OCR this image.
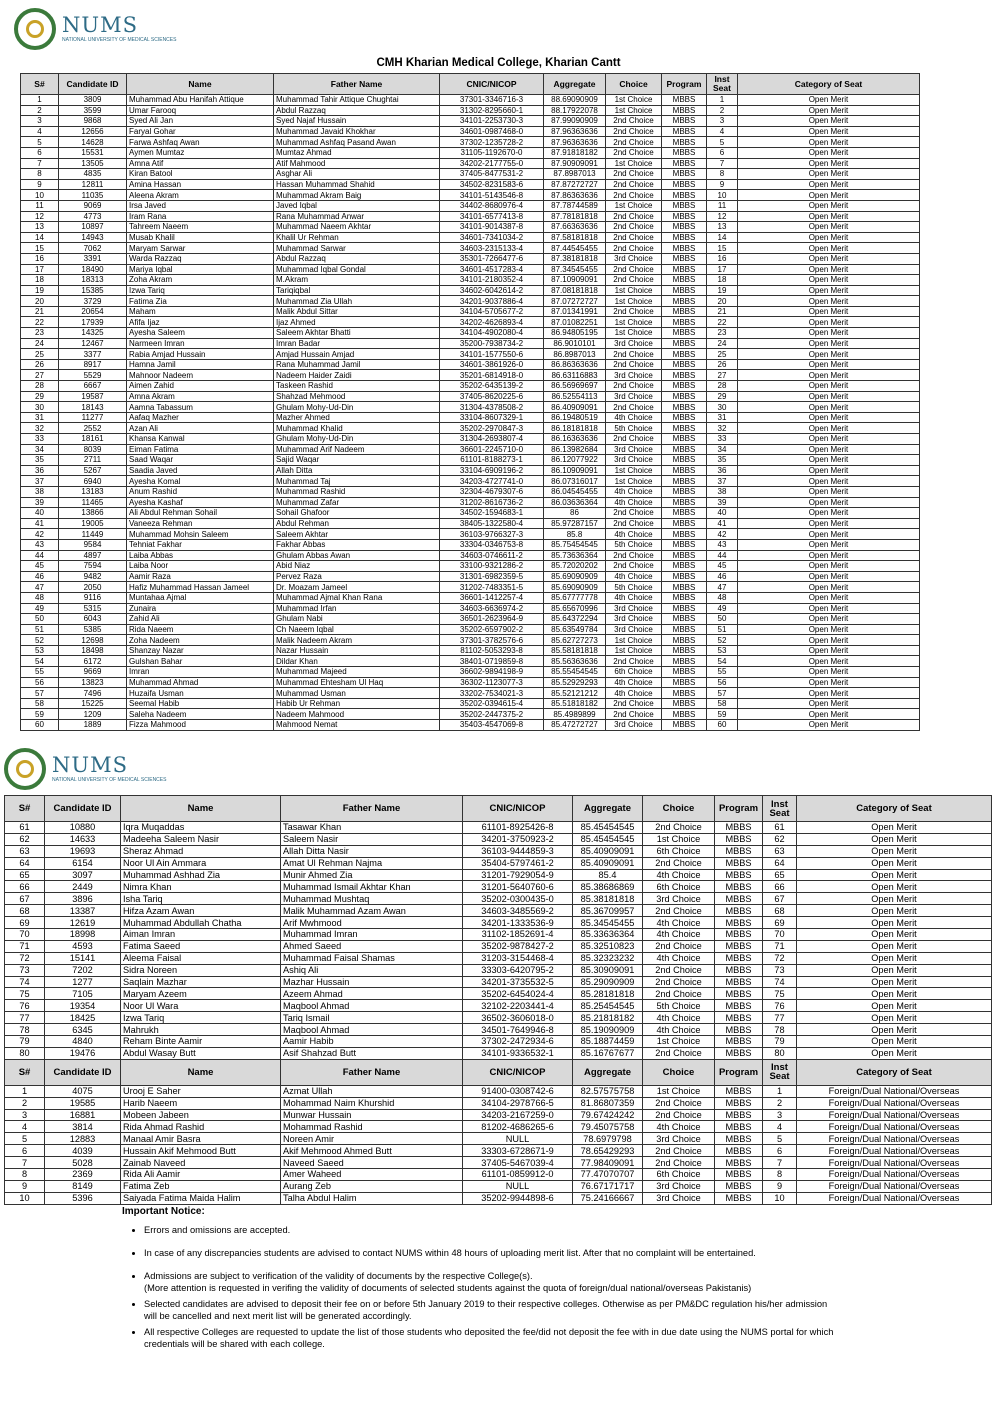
NUMS
NATIONAL UNIVERSITY OF MEDICAL SCIENCES
CMH Kharian Medical College, Kharian Cantt
S#	Candidate ID	Name	Father Name	CNIC/NICOP	Aggregate	Choice	Program	Inst Seat	Category of Seat
1	3809	Muhammad Abu Hanifah Attique	Muhammad Tahir Attique Chughtai	37301-3346716-3	88.69090909	1st Choice	MBBS	1	Open Merit
2	3599	Umar Farooq	Abdul Razzaq	31302-8295660-1	88.17922078	1st Choice	MBBS	2	Open Merit
3	9868	Syed Ali Jan	Syed Najaf Hussain	34101-2253730-3	87.99090909	2nd Choice	MBBS	3	Open Merit
4	12656	Faryal Gohar	Muhammad Javaid Khokhar	34601-0987468-0	87.96363636	2nd Choice	MBBS	4	Open Merit
5	14628	Farwa Ashfaq Awan	Muhammad Ashfaq Pasand Awan	37302-1235728-2	87.96363636	2nd Choice	MBBS	5	Open Merit
6	15531	Aymen Mumtaz	Mumtaz Ahmad	31105-1192670-0	87.91818182	2nd Choice	MBBS	6	Open Merit
7	13505	Amna Atif	Atif Mahmood	34202-2177755-0	87.90909091	1st Choice	MBBS	7	Open Merit
8	4835	Kiran Batool	Asghar Ali	37405-8477531-2	87.8987013	2nd Choice	MBBS	8	Open Merit
9	12811	Amina Hassan	Hassan Muhammad Shahid	34502-8231583-6	87.87272727	2nd Choice	MBBS	9	Open Merit
10	11035	Aleena Akram	Muhammad Akram Baig	34101-5143546-8	87.86363636	2nd Choice	MBBS	10	Open Merit
11	9069	Irsa Javed	Javed Iqbal	34402-8680976-4	87.78744589	1st Choice	MBBS	11	Open Merit
12	4773	Iram Rana	Rana Muhammad Anwar	34101-6577413-8	87.78181818	2nd Choice	MBBS	12	Open Merit
13	10897	Tahreem Naeem	Muhammad Naeem Akhtar	34101-9014387-8	87.66363636	2nd Choice	MBBS	13	Open Merit
14	14943	Musab Khalil	Khalil Ur Rehman	34601-7341034-2	87.58181818	2nd Choice	MBBS	14	Open Merit
15	7062	Maryam Sarwar	Muhammad Sarwar	34603-2315133-4	87.44545455	2nd Choice	MBBS	15	Open Merit
16	3391	Warda Razzaq	Abdul Razzaq	35301-7266477-6	87.38181818	3rd Choice	MBBS	16	Open Merit
17	18490	Mariya Iqbal	Muhammad Iqbal Gondal	34601-4517283-4	87.34545455	2nd Choice	MBBS	17	Open Merit
18	18313	Zoha Akram	M.Akram	34101-2180352-4	87.10909091	2nd Choice	MBBS	18	Open Merit
19	15385	Izwa Tariq	Tariqiqbal	34602-6042614-2	87.08181818	1st Choice	MBBS	19	Open Merit
20	3729	Fatima Zia	Muhammad Zia Ullah	34201-9037886-4	87.07272727	1st Choice	MBBS	20	Open Merit
21	20654	Maham	Malik Abdul Sittar	34104-5705677-2	87.01341991	2nd Choice	MBBS	21	Open Merit
22	17939	Afifa Ijaz	Ijaz Ahmed	34202-4626893-4	87.01082251	1st Choice	MBBS	22	Open Merit
23	14325	Ayesha Saleem	Saleem Akhtar Bhatti	34104-4902080-4	86.94805195	1st Choice	MBBS	23	Open Merit
24	12467	Narmeen Imran	Imran Badar	35200-7938734-2	86.9010101	3rd Choice	MBBS	24	Open Merit
25	3377	Rabia Amjad Hussain	Amjad Hussain Amjad	34101-1577550-6	86.8987013	2nd Choice	MBBS	25	Open Merit
26	8917	Hamna Jamil	Rana Muhammad Jamil	34601-3861926-0	86.86363636	2nd Choice	MBBS	26	Open Merit
27	5529	Mahnoor Nadeem	Nadeem Haider Zaidi	35201-6814918-0	86.63116883	3rd Choice	MBBS	27	Open Merit
28	6667	Aimen Zahid	Taskeen Rashid	35202-6435139-2	86.56969697	2nd Choice	MBBS	28	Open Merit
29	19587	Amna Akram	Shahzad Mehmood	37405-8620225-6	86.52554113	3rd Choice	MBBS	29	Open Merit
30	18143	Aamna Tabassum	Ghulam Mohy-Ud-Din	31304-4378508-2	86.40909091	2nd Choice	MBBS	30	Open Merit
31	11277	Aafaq Mazher	Mazher Ahmed	33104-8607329-1	86.19480519	4th Choice	MBBS	31	Open Merit
32	2552	Azan Ali	Muhammad Khalid	35202-2970847-3	86.18181818	5th Choice	MBBS	32	Open Merit
33	18161	Khansa Kanwal	Ghulam Mohy-Ud-Din	31304-2693807-4	86.16363636	2nd Choice	MBBS	33	Open Merit
34	8039	Eiman Fatima	Muhammad Arif Nadeem	36601-2245710-0	86.13982684	3rd Choice	MBBS	34	Open Merit
35	2711	Saad Waqar	Sajid Waqar	61101-8188273-1	86.12077922	3rd Choice	MBBS	35	Open Merit
36	5267	Saadia Javed	Allah Ditta	33104-6909196-2	86.10909091	1st Choice	MBBS	36	Open Merit
37	6940	Ayesha Komal	Muhammad Taj	34203-4727741-0	86.07316017	1st Choice	MBBS	37	Open Merit
38	13183	Anum Rashid	Muhammad Rashid	32304-4679307-6	86.04545455	4th Choice	MBBS	38	Open Merit
39	11465	Ayesha Kashaf	Muhammad Zafar	31202-8616736-2	86.03636364	4th Choice	MBBS	39	Open Merit
40	13866	Ali Abdul Rehman Sohail	Sohail Ghafoor	34502-1594683-1	86	2nd Choice	MBBS	40	Open Merit
41	19005	Vaneeza Rehman	Abdul Rehman	38405-1322580-4	85.97287157	2nd Choice	MBBS	41	Open Merit
42	11449	Muhammad Mohsin Saleem	Saleem Akhtar	36103-9766327-3	85.8	4th Choice	MBBS	42	Open Merit
43	9584	Tehniat Fakhar	Fakhar Abbas	33304-0346753-8	85.75454545	5th Choice	MBBS	43	Open Merit
44	4897	Laiba Abbas	Ghulam Abbas Awan	34603-0746611-2	85.73636364	2nd Choice	MBBS	44	Open Merit
45	7594	Laiba Noor	Abid Niaz	33100-9321286-2	85.72020202	2nd Choice	MBBS	45	Open Merit
46	9482	Aamir Raza	Pervez Raza	31301-6982359-5	85.69090909	4th Choice	MBBS	46	Open Merit
47	2050	Hafiz Muhammad Hassan Jameel	Dr. Moazam Jameel	31202-7483351-5	85.69090909	5th Choice	MBBS	47	Open Merit
48	9116	Muntahaa Ajmal	Muhammad Ajmal Khan Rana	36601-1412257-4	85.67777778	4th Choice	MBBS	48	Open Merit
49	5315	Zunaira	Muhammad Irfan	34603-6636974-2	85.65670996	3rd Choice	MBBS	49	Open Merit
50	6043	Zahid Ali	Ghulam Nabi	36501-2623964-9	85.64372294	3rd Choice	MBBS	50	Open Merit
51	5385	Rida Naeem	Ch Naeem Iqbal	35202-6597902-2	85.63549784	3rd Choice	MBBS	51	Open Merit
52	12698	Zoha Nadeem	Malik Nadeem Akram	37301-3782576-6	85.62727273	1st Choice	MBBS	52	Open Merit
53	18498	Shanzay Nazar	Nazar Hussain	81102-5053293-8	85.58181818	1st Choice	MBBS	53	Open Merit
54	6172	Gulshan Bahar	Dildar Khan	38401-0719859-8	85.56363636	2nd Choice	MBBS	54	Open Merit
55	9669	Imran	Muhammad Majeed	36602-9894198-9	85.55454545	6th Choice	MBBS	55	Open Merit
56	13823	Muhammad Ahmad	Muhammad Ehtesham Ul Haq	36302-1123077-3	85.52929293	4th Choice	MBBS	56	Open Merit
57	7496	Huzaifa Usman	Muhammad Usman	33202-7534021-3	85.52121212	4th Choice	MBBS	57	Open Merit
58	15225	Seemal Habib	Habib Ur Rehman	35202-0394615-4	85.51818182	2nd Choice	MBBS	58	Open Merit
59	1209	Saleha Nadeem	Nadeem Mahmood	35202-2447375-2	85.4989899	2nd Choice	MBBS	59	Open Merit
60	1889	Fizza Mahmood	Mahmood Nemat	35403-4547069-8	85.47272727	3rd Choice	MBBS	60	Open Merit
NUMS
NATIONAL UNIVERSITY OF MEDICAL SCIENCES
S#	Candidate ID	Name	Father Name	CNIC/NICOP	Aggregate	Choice	Program	Inst Seat	Category of Seat
61	10880	Iqra Muqaddas	Tasawar Khan	61101-8925426-8	85.45454545	2nd Choice	MBBS	61	Open Merit
62	14633	Madeeha Saleem Nasir	Saleem Nasir	34201-3750923-2	85.45454545	1st Choice	MBBS	62	Open Merit
63	19693	Sheraz Ahmad	Allah Ditta Nasir	36103-9444859-3	85.40909091	6th Choice	MBBS	63	Open Merit
64	6154	Noor Ul Ain Ammara	Amat Ul Rehman Najma	35404-5797461-2	85.40909091	2nd Choice	MBBS	64	Open Merit
65	3097	Muhammad Ashhad Zia	Munir Ahmed Zia	31201-7929054-9	85.4	4th Choice	MBBS	65	Open Merit
66	2449	Nimra Khan	Muhammad Ismail Akhtar Khan	31201-5640760-6	85.38686869	6th Choice	MBBS	66	Open Merit
67	3896	Isha Tariq	Muhammad Mushtaq	35202-0300435-0	85.38181818	3rd Choice	MBBS	67	Open Merit
68	13387	Hifza Azam Awan	Malik Muhammad Azam Awan	34603-3485569-2	85.36709957	2nd Choice	MBBS	68	Open Merit
69	12619	Muhammad Abdullah Chatha	Arif Mwhmood	34201-1333536-9	85.34545455	4th Choice	MBBS	69	Open Merit
70	18998	Aiman Imran	Muhammad Imran	31102-1852691-4	85.33636364	4th Choice	MBBS	70	Open Merit
71	4593	Fatima Saeed	Ahmed Saeed	35202-9878427-2	85.32510823	2nd Choice	MBBS	71	Open Merit
72	15141	Aleema Faisal	Muhammad Faisal Shamas	31203-3154468-4	85.32323232	4th Choice	MBBS	72	Open Merit
73	7202	Sidra Noreen	Ashiq Ali	33303-6420795-2	85.30909091	2nd Choice	MBBS	73	Open Merit
74	1277	Saqlain Mazhar	Mazhar Hussain	34201-3735532-5	85.29090909	2nd Choice	MBBS	74	Open Merit
75	7105	Maryam Azeem	Azeem Ahmad	35202-6454024-4	85.28181818	2nd Choice	MBBS	75	Open Merit
76	19354	Noor Ul Wara	Maqbool Ahmad	32102-2203441-4	85.25454545	5th Choice	MBBS	76	Open Merit
77	18425	Izwa Tariq	Tariq Ismail	36502-3606018-0	85.21818182	4th Choice	MBBS	77	Open Merit
78	6345	Mahrukh	Maqbool Ahmad	34501-7649946-8	85.19090909	4th Choice	MBBS	78	Open Merit
79	4840	Reham Binte Aamir	Aamir Habib	37302-2472934-6	85.18874459	1st Choice	MBBS	79	Open Merit
80	19476	Abdul Wasay Butt	Asif Shahzad Butt	34101-9336532-1	85.16767677	2nd Choice	MBBS	80	Open Merit
S#	Candidate ID	Name	Father Name	CNIC/NICOP	Aggregate	Choice	Program	Inst Seat	Category of Seat
1	4075	Urooj E Saher	Azmat Ullah	91400-0308742-6	82.57575758	1st Choice	MBBS	1	Foreign/Dual National/Overseas
2	19585	Harib Naeem	Mohammad Naim Khurshid	34104-2978766-5	81.86807359	2nd Choice	MBBS	2	Foreign/Dual National/Overseas
3	16881	Mobeen Jabeen	Munwar Hussain	34203-2167259-0	79.67424242	2nd Choice	MBBS	3	Foreign/Dual National/Overseas
4	3814	Rida Ahmad Rashid	Mohammad Rashid	81202-4686265-6	79.45075758	4th Choice	MBBS	4	Foreign/Dual National/Overseas
5	12883	Manaal Amir Basra	Noreen Amir	NULL	78.6979798	3rd Choice	MBBS	5	Foreign/Dual National/Overseas
6	4039	Hussain Akif Mehmood Butt	Akif Mehmood Ahmed Butt	33303-6728671-9	78.65429293	2nd Choice	MBBS	6	Foreign/Dual National/Overseas
7	5028	Zainab Naveed	Naveed Saeed	37405-5467039-4	77.98409091	2nd Choice	MBBS	7	Foreign/Dual National/Overseas
8	2369	Rida Ali Aamir	Amer Waheed	61101-0859912-0	77.47070707	6th Choice	MBBS	8	Foreign/Dual National/Overseas
9	8149	Fatima Zeb	Aurang Zeb	NULL	76.67171717	3rd Choice	MBBS	9	Foreign/Dual National/Overseas
10	5396	Saiyada Fatima Maida Halim	Talha Abdul Halim	35202-9944898-6	75.24166667	3rd Choice	MBBS	10	Foreign/Dual National/Overseas
Important Notice:
• Errors and omissions are accepted.
• In case of any discrepancies students are advised to contact NUMS within 48 hours of uploading merit list. After that no complaint will be entertained.
• Admissions are subject to verification of the validity of documents by the respective College(s).
(More attention is requested in verifing the validity of documents of selected students against the quota of foreign/dual national/overseas Pakistanis)
• Selected candidates are advised to deposit their fee on or before 5th January 2019 to their respective colleges. Otherwise as per PM&DC regulation his/her admission will be cancelled and next merit list will be generated accordingly.
• All respective Colleges are requested to update the list of those students who deposited the fee/did not deposit the fee with in due date using the NUMS portal for which credentials will be shared with each college.
